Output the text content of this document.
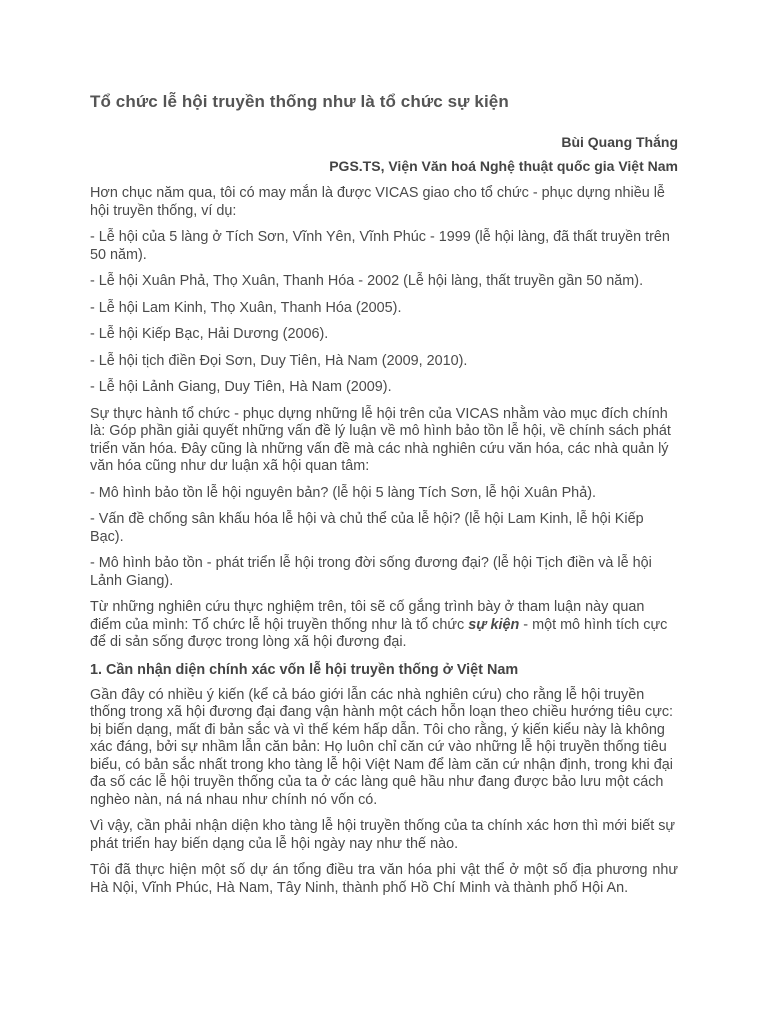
Tổ chức lễ hội truyền thống như là tổ chức sự kiện
Bùi Quang Thắng
PGS.TS, Viện Văn hoá Nghệ thuật quốc gia Việt Nam

Hơn chục năm qua, tôi có may mắn là được VICAS giao cho tổ chức - phục dựng nhiều lễ hội truyền thống, ví dụ:

- Lễ hội của 5 làng ở Tích Sơn, Vĩnh Yên, Vĩnh Phúc - 1999 (lễ hội làng, đã thất truyền trên 50 năm).

- Lễ hội Xuân Phả, Thọ Xuân, Thanh Hóa - 2002 (Lễ hội làng, thất truyền gần 50 năm).

- Lễ hội Lam Kinh, Thọ Xuân, Thanh Hóa (2005).

- Lễ hội Kiếp Bạc, Hải Dương (2006).

- Lễ hội tịch điền Đọi Sơn, Duy Tiên, Hà Nam (2009, 2010).

- Lễ hội Lảnh Giang, Duy Tiên, Hà Nam (2009).

Sự thực hành tổ chức - phục dựng những lễ hội trên của VICAS nhằm vào mục đích chính là: Góp phần giải quyết những vấn đề lý luận về mô hình bảo tồn lễ hội, về chính sách phát triển văn hóa. Đây cũng là những vấn đề mà các nhà nghiên cứu văn hóa, các nhà quản lý văn hóa cũng như dư luận xã hội quan tâm:

- Mô hình bảo tồn lễ hội nguyên bản? (lễ hội 5 làng Tích Sơn, lễ hội Xuân Phả).

- Vấn đề chống sân khấu hóa lễ hội và chủ thể của lễ hội? (lễ hội Lam Kinh, lễ hội Kiếp Bạc).

- Mô hình bảo tồn - phát triển lễ hội trong đời sống đương đại? (lễ hội Tịch điền và lễ hội Lảnh Giang).

Từ những nghiên cứu thực nghiệm trên, tôi sẽ cố gắng trình bày ở tham luận này quan điểm của mình: Tổ chức lễ hội truyền thống như là tổ chức sự kiện - một mô hình tích cực để di sản sống được trong lòng xã hội đương đại.

1. Cần nhận diện chính xác vốn lễ hội truyền thống ở Việt Nam

Gần đây có nhiều ý kiến (kể cả báo giới lẫn các nhà nghiên cứu) cho rằng lễ hội truyền thống trong xã hội đương đại đang vận hành một cách hỗn loạn theo chiều hướng tiêu cực: bị biến dạng, mất đi bản sắc và vì thế kém hấp dẫn. Tôi cho rằng, ý kiến kiểu này là không xác đáng, bởi sự nhầm lẫn căn bản: Họ luôn chỉ căn cứ vào những lễ hội truyền thống tiêu biểu, có bản sắc nhất trong kho tàng lễ hội Việt Nam để làm căn cứ nhận định, trong khi đại đa số các lễ hội truyền thống của ta ở các làng quê hầu như đang được bảo lưu một cách nghèo nàn, ná ná nhau như chính nó vốn có.

Vì vậy, cần phải nhận diện kho tàng lễ hội truyền thống của ta chính xác hơn thì mới biết sự phát triển hay biến dạng của lễ hội ngày nay như thế nào.

Tôi đã thực hiện một số dự án tổng điều tra văn hóa phi vật thể ở một số địa phương như Hà Nội, Vĩnh Phúc, Hà Nam, Tây Ninh, thành phố Hồ Chí Minh và thành phố Hội An.
